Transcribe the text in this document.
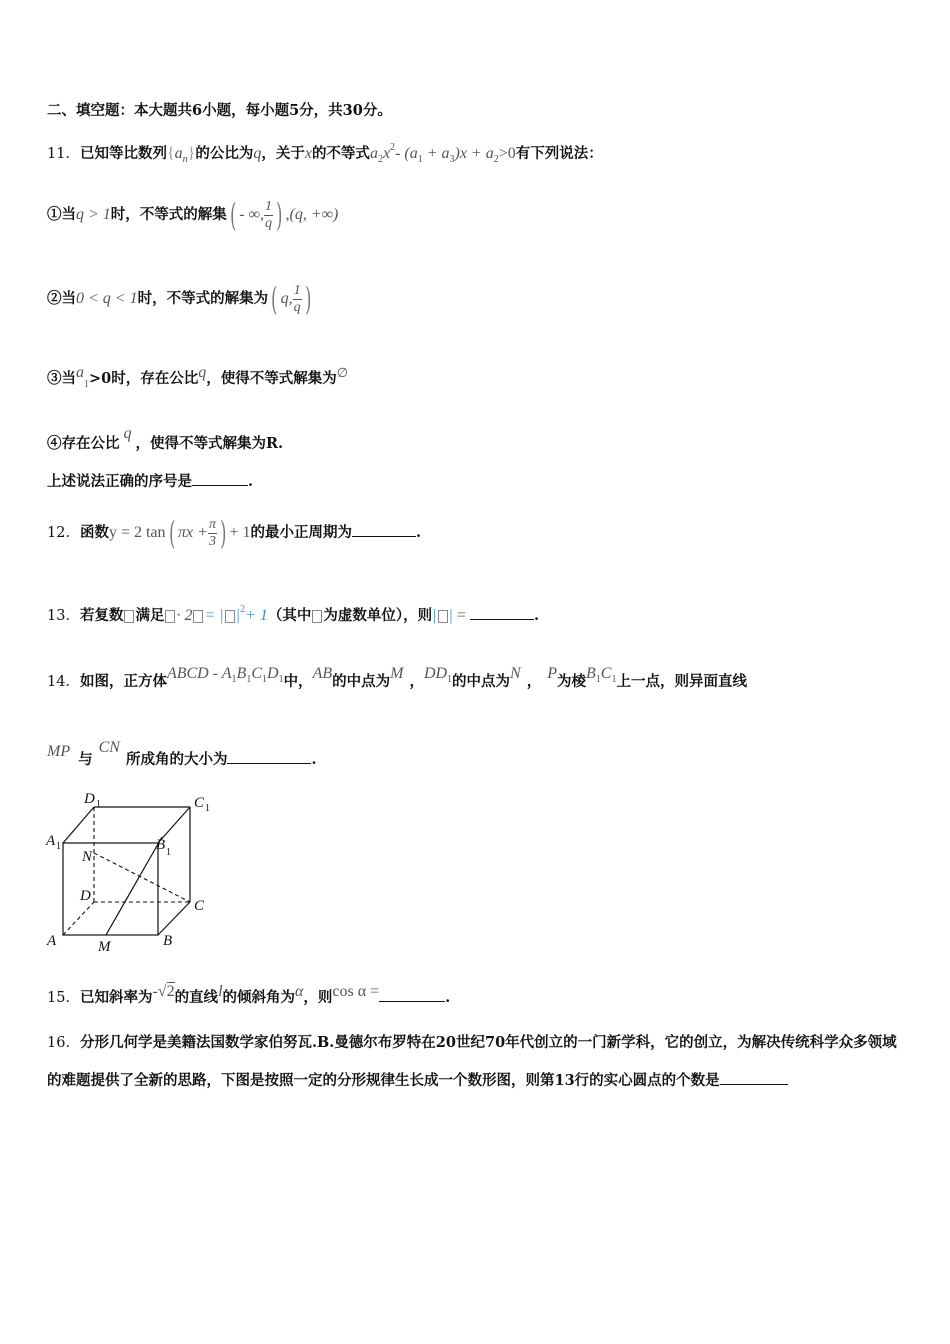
二、填空题：本大题共6小题，每小题5分，共30分。
11．已知等比数列$\{a_n\}$的公比为q，关于x的不等式$a_2x^2-$ $(a_1 + a_3)x + a_2>0$有下列说法：
①当q > 1时，不等式的解集( - ∞, $\frac{1}{q}$ ) ,(q, +∞)
②当0 < q < 1时，不等式的解集为( q, $\frac{1}{q}$ )
③当$a_1>0$时，存在公比q，使得不等式解集为∅
④存在公比q，使得不等式解集为R.
上述说法正确的序号是	.
12．函数y = 2 tan( $\pi x + \frac{\pi}{3}$ ) + 1的最小正周期为	.
13．若复数 满足 · 2 = | $|^2+ 1$（其中 为虚数单位），则| | =	.
14．如图，正方体ABCD - $A^1B^1C^1D^1$中，AB的中点为M ，$DD^1$的中点为N ， P为棱$B^1C^1$上一点，则异面直线
MP 与CN所成角的大小为	.
D 1	C 1
A 1	B 1
N
D
C
A	M	B
15．已知斜率为-√2的直线l的倾斜角为α，则cos α =	.
16．分形几何学是美籍法国数学家伯努瓦.B.曼德尔布罗特在20世纪70年代创立的一门新学科，它的创立，为解决传统科学众多领域的难题提供了全新的思路，下图是按照一定的分形规律生长成一个数形图，则第13行的实心圆点的个数是
